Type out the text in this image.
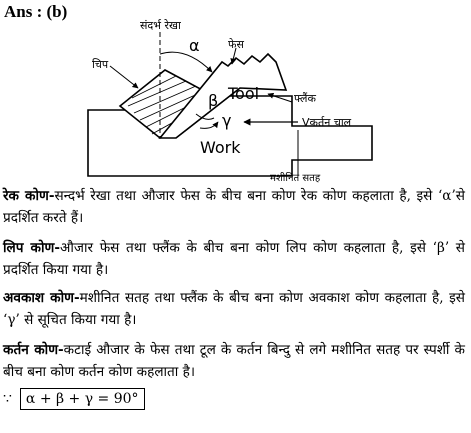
Ans : (b)
संदर्भ रेखा
α	फेस
चिप
Tool
β	फ्लैंक
γ	Vकर्तन चाल
Work
मशीनित सतह
रेक कोण-सन्दर्भ रेखा तथा औजार फेस के बीच बना कोण रेक कोण कहलाता है, इसे ‘α’से प्रदर्शित करते हैं।
लिप कोण-औजार फेस तथा फ्लैंक के बीच बना कोण लिप कोण कहलाता है, इसे ‘β’ से प्रदर्शित किया गया है।
अवकाश कोण-मशीनित सतह तथा फ्लैंक के बीच बना कोण अवकाश कोण कहलाता है, इसे ‘γ’ से सूचित किया गया है।
कर्तन कोण-कटाई औजार के फेस तथा टूल के कर्तन बिन्दु से लगे मशीनित सतह पर स्पर्शी के बीच बना कोण कर्तन कोण कहलाता है।
∵	α + β + γ = 90°
